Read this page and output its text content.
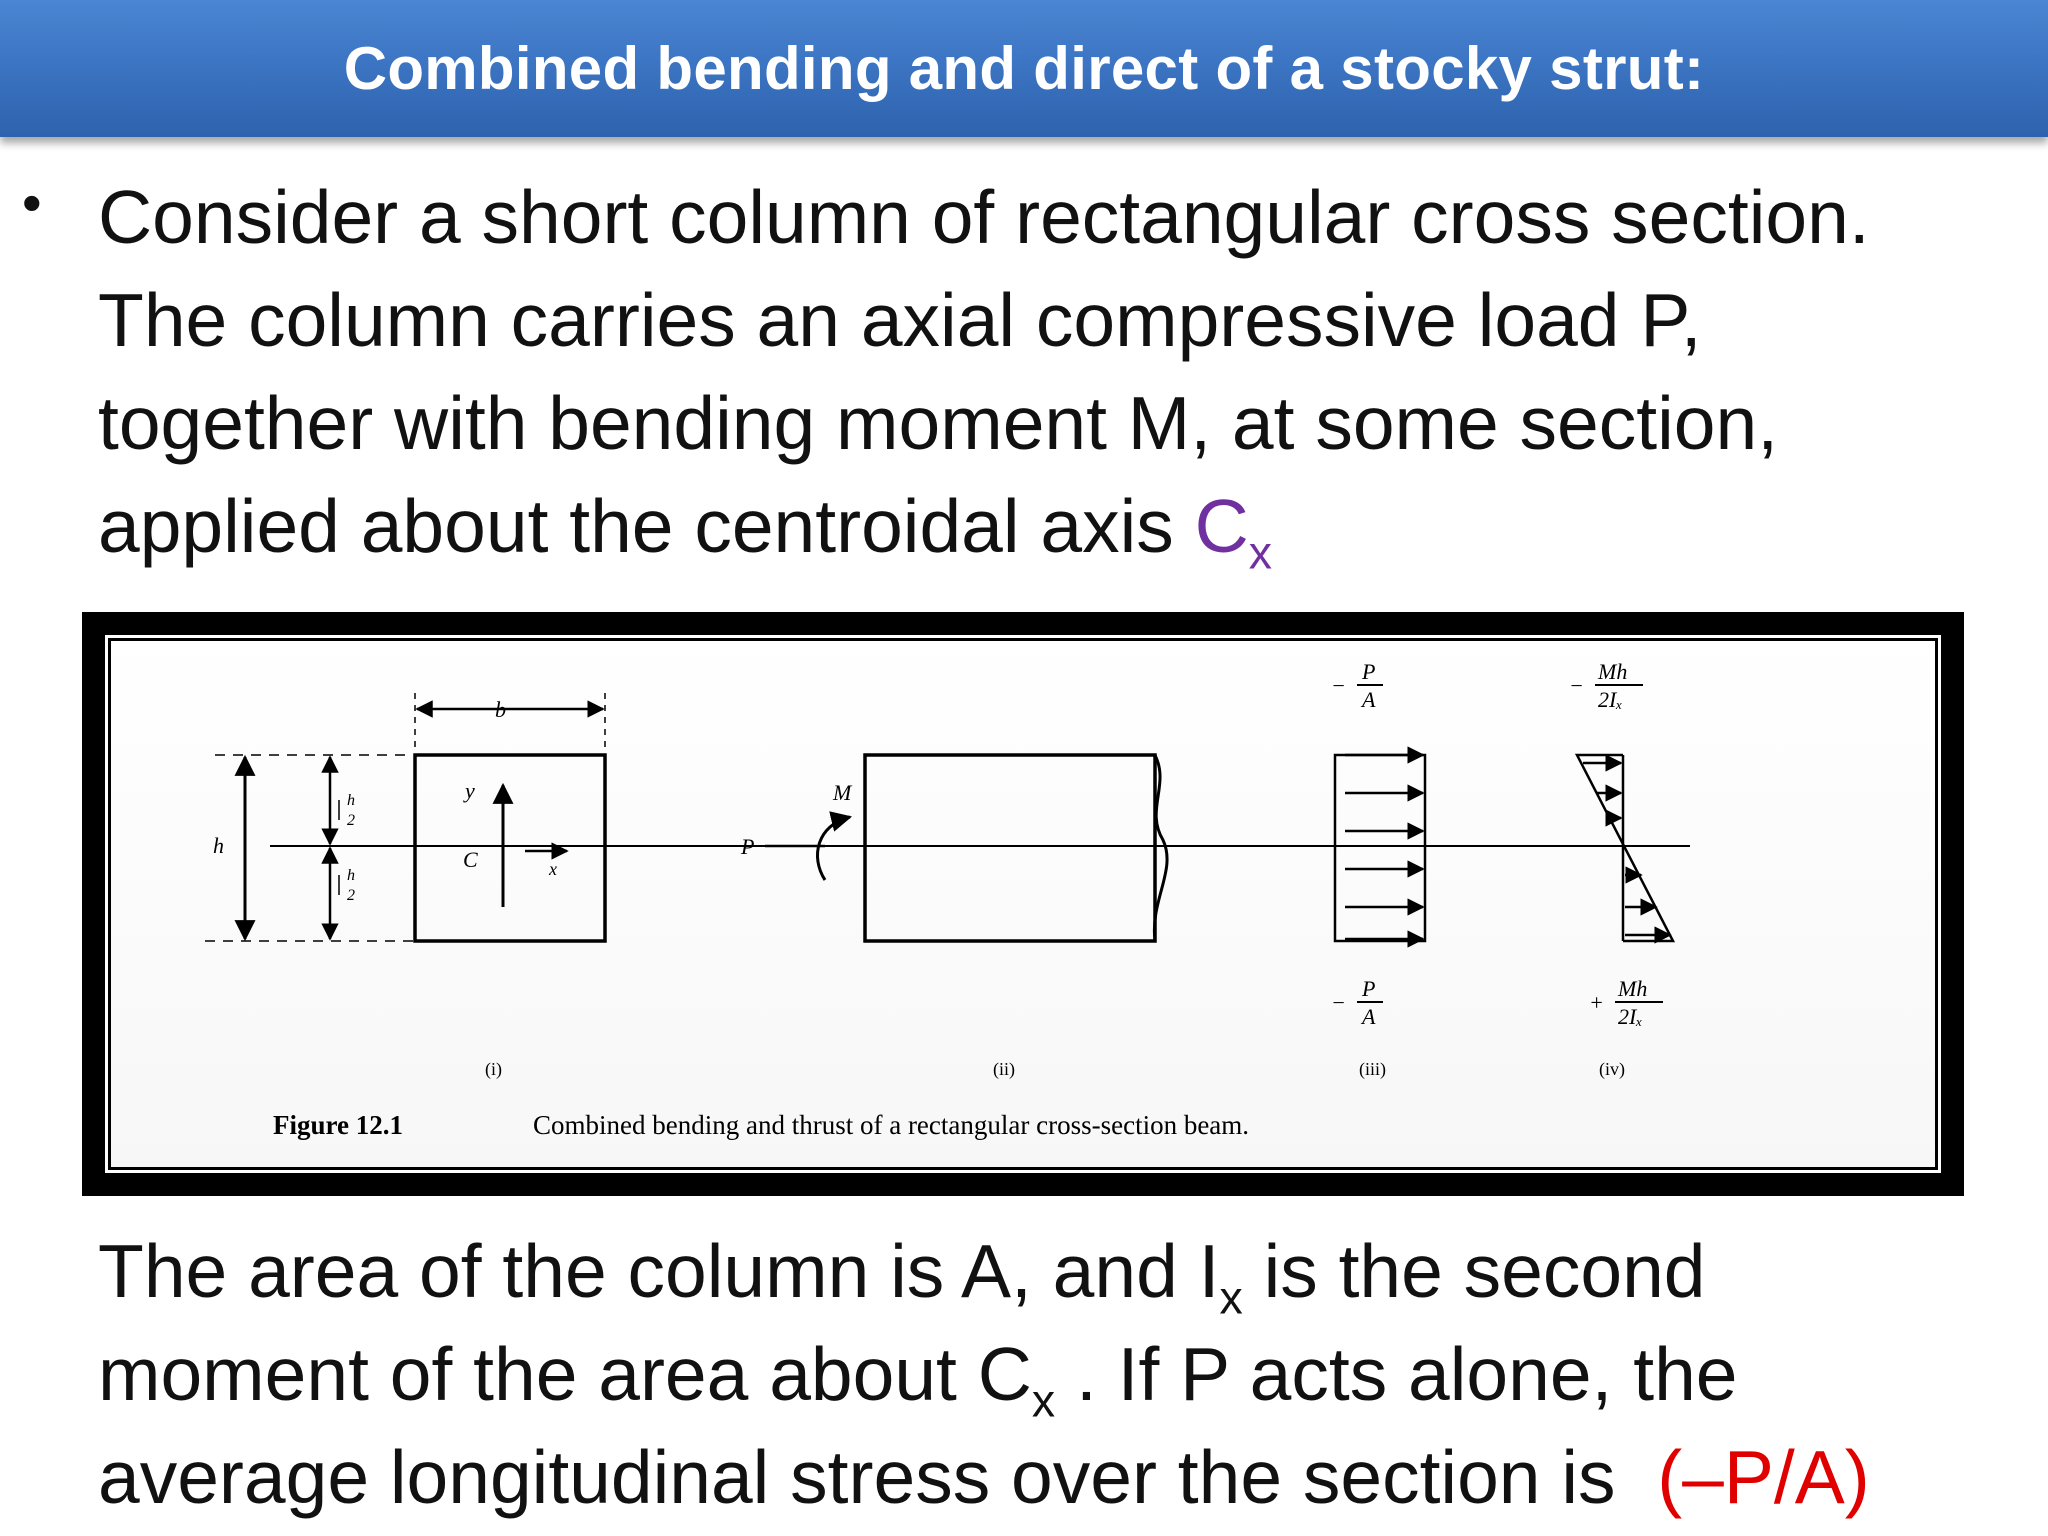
Combined bending and direct of a stocky strut:
• Consider a short column of rectangular cross section.
The column carries an axial compressive load P,
together with bending moment M, at some section,
applied about the centroidal axis $C_x$
b
h
h
2
h
2
y
C	x
P
M
−
P
A
−
P
A
−
Mh
2Iₓ
+
Mh
2Iₓ
(i)	(ii)	(iii)	(iv)
Figure 12.1	Combined bending and thrust of a rectangular cross-section beam.
The area of the column is A, and $I_x$ is the second
moment of the area about $C_x$ . If P acts alone, the
average longitudinal stress over the section is  (–P/A)
